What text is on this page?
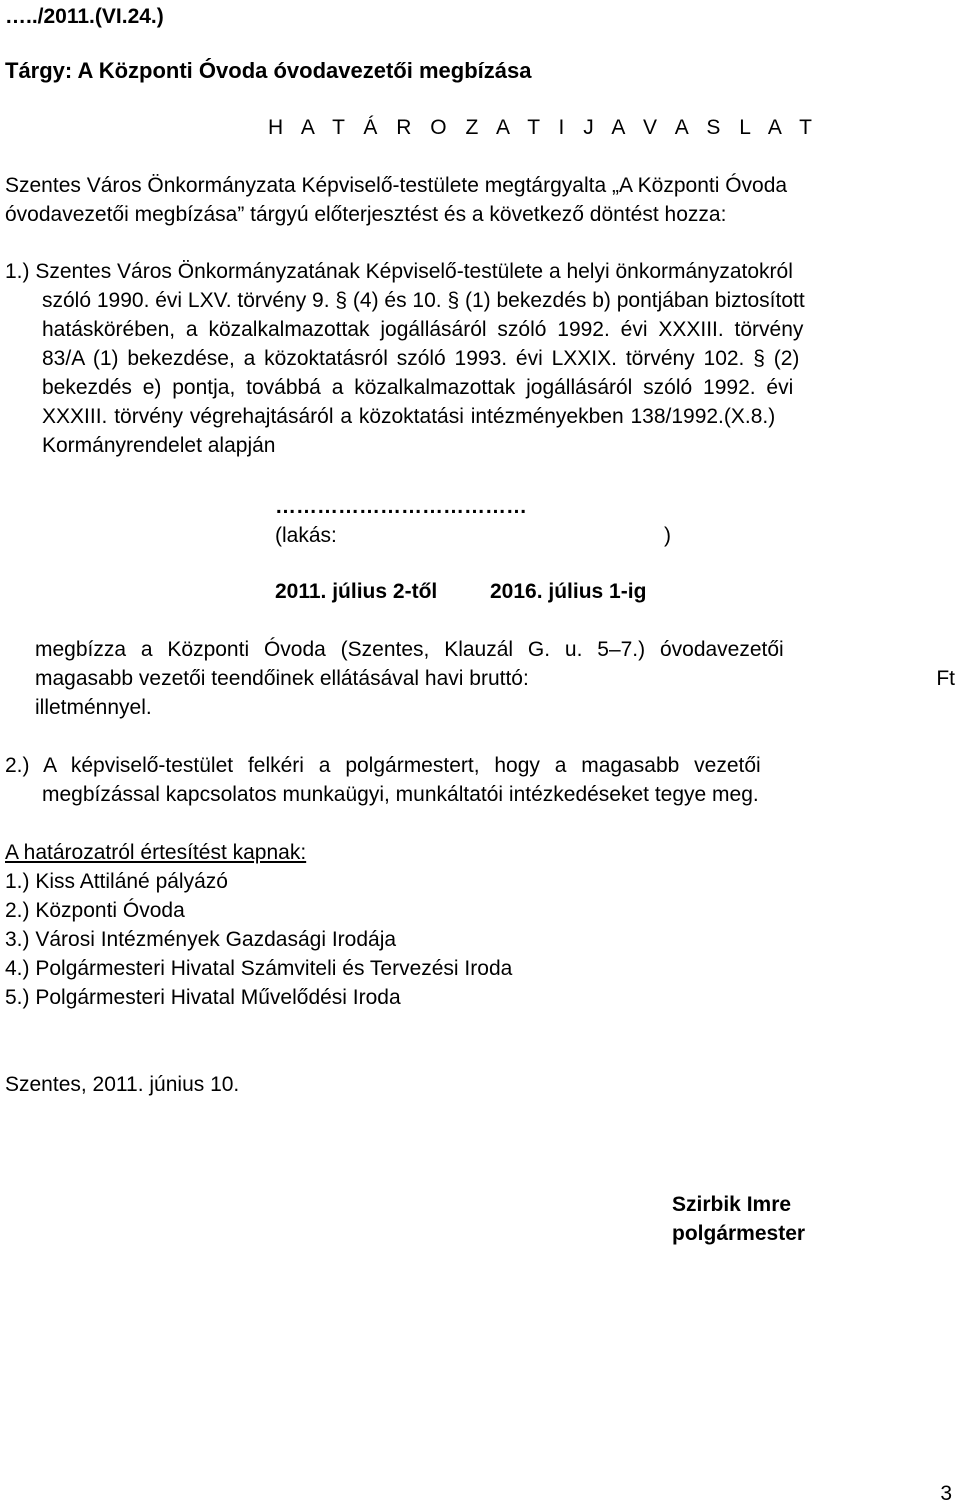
…../2011.(VI.24.)
Tárgy: A Központi Óvoda óvodavezetői megbízása
H A T Á R O Z A T I J A V A S L A T
Szentes Város Önkormányzata Képviselő-testülete megtárgyalta „A Központi Óvoda
óvodavezetői megbízása” tárgyú előterjesztést és a következő döntést hozza:
1.) Szentes Város Önkormányzatának Képviselő-testülete a helyi önkormányzatokról
szóló 1990. évi LXV. törvény 9. § (4) és 10. § (1) bekezdés b) pontjában biztosított
hatáskörében, a közalkalmazottak jogállásáról szóló 1992. évi XXXIII. törvény
83/A (1) bekezdése, a közoktatásról szóló 1993. évi LXXIX. törvény 102. § (2)
bekezdés e) pontja, továbbá a közalkalmazottak jogállásáról szóló 1992. évi
XXXIII. törvény végrehajtásáról a közoktatási intézményekben 138/1992.(X.8.)
Kormányrendelet alapján
………………………………
(lakás:	)
2011. július 2-től	2016. július 1-ig
megbízza a Központi Óvoda (Szentes, Klauzál G. u. 5–7.) óvodavezetői
magasabb vezetői teendőinek ellátásával havi bruttó:	Ft
illetménnyel.
2.) A képviselő-testület felkéri a polgármestert, hogy a magasabb vezetői
megbízással kapcsolatos munkaügyi, munkáltatói intézkedéseket tegye meg.
A határozatról értesítést kapnak:
1.) Kiss Attiláné pályázó
2.) Központi Óvoda
3.) Városi Intézmények Gazdasági Irodája
4.) Polgármesteri Hivatal Számviteli és Tervezési Iroda
5.) Polgármesteri Hivatal Művelődési Iroda
Szentes, 2011. június 10.
Szirbik Imre
polgármester
3
